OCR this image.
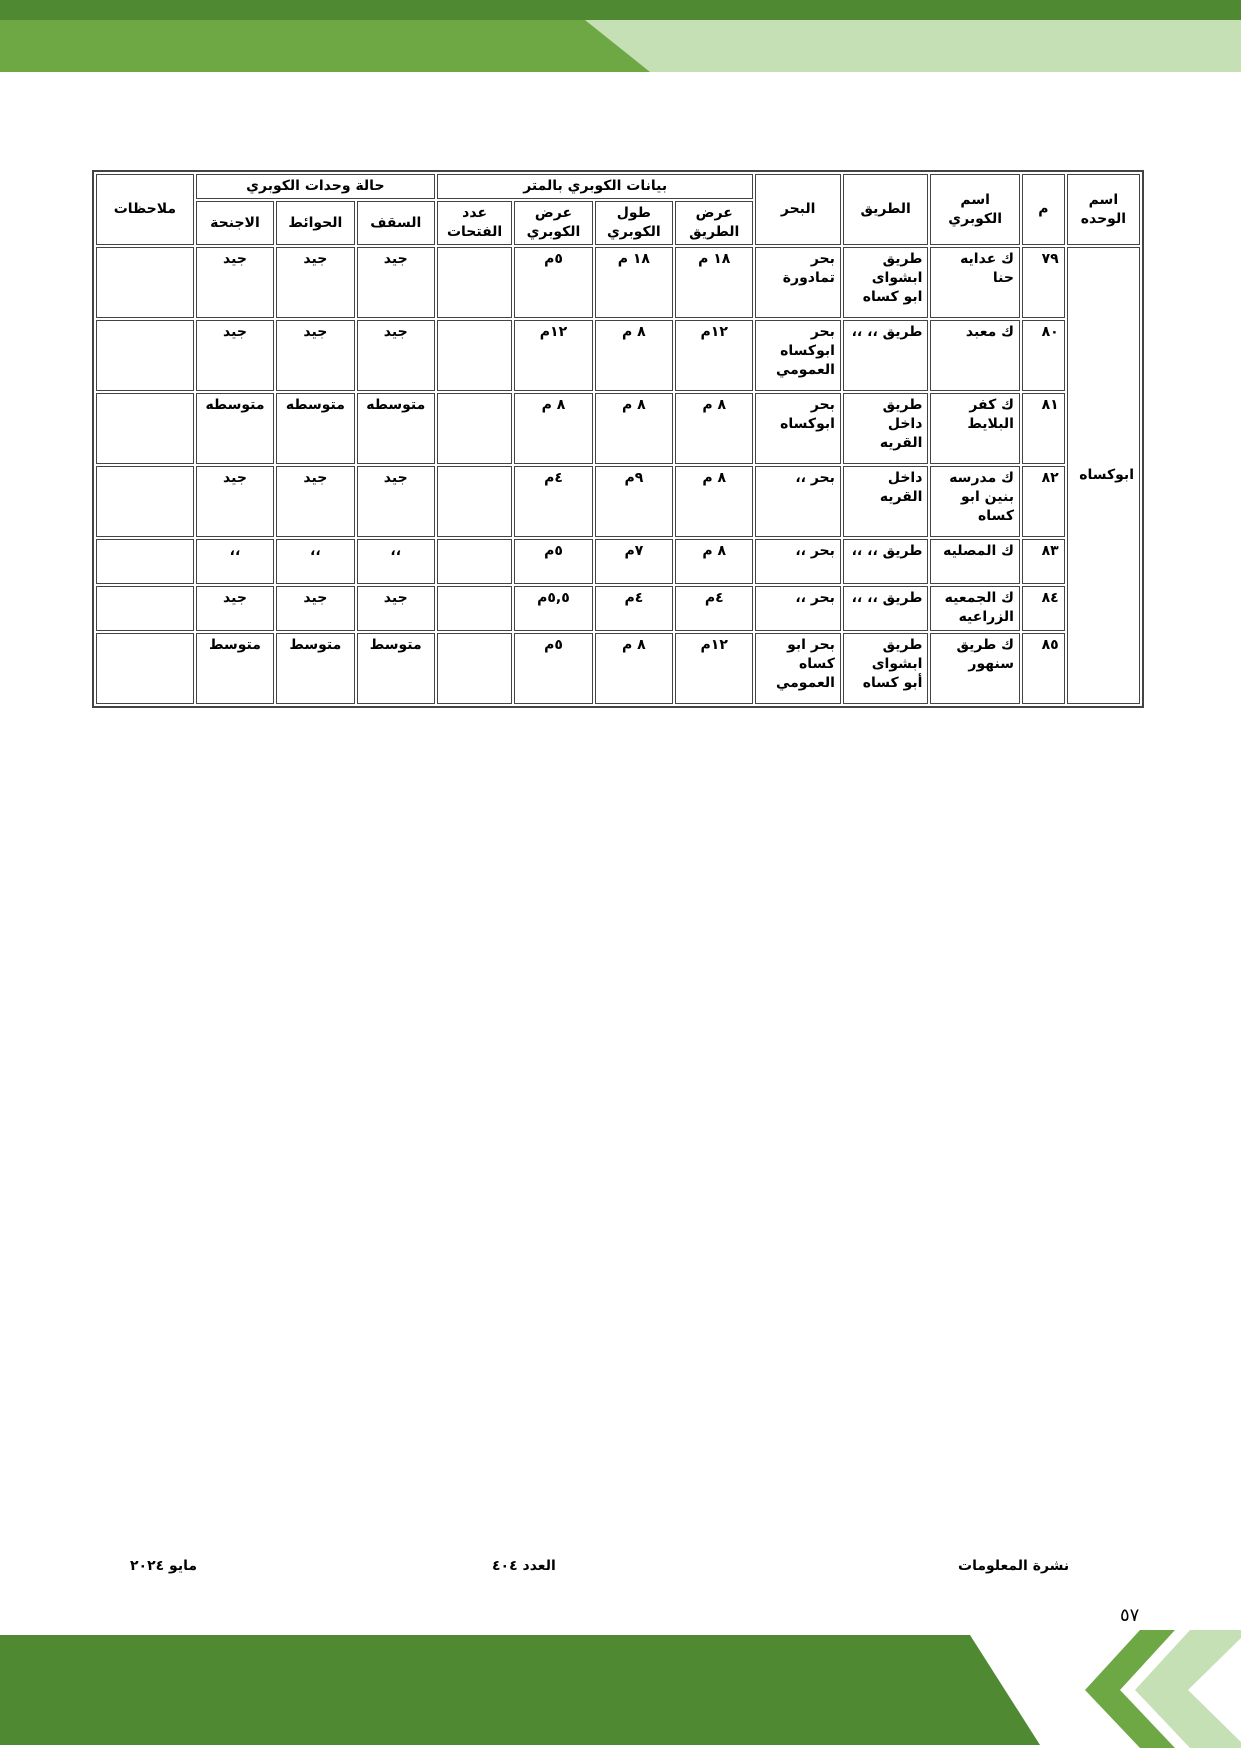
اسم الوحده	م	اسم الكوبري	الطريق	البحر	بيانات الكوبري بالمتر				حالة وحدات الكوبري			ملاحظات
					عرض الطريق	طول الكوبري	عرض الكوبري	عدد الفتحات	السقف	الحوائط	الاجنحة	
ابوكساه	٧٩	ك عدايه حنا	طريق ابشواى ابو كساه	بحر تمادورة	١٨ م	١٨ م	٥م		جيد	جيد	جيد	
	٨٠	ك معبد	طريق ،، ،،	بحر ابوكساه العمومي	١٢م	٨ م	١٢م		جيد	جيد	جيد	
	٨١	ك كفر البلايط	طريق داخل القريه	بحر ابوكساه	٨ م	٨ م	٨ م		متوسطه	متوسطه	متوسطه	
	٨٢	ك مدرسه بنين ابو كساه	داخل القريه	بحر ،،	٨ م	٩م	٤م		جيد	جيد	جيد	
	٨٣	ك المصليه	طريق ،، ،،	بحر ،،	٨ م	٧م	٥م		،،	،،	،،	
	٨٤	ك الجمعيه الزراعيه	طريق ،، ،،	بحر ،،	٤م	٤م	٥,٥م		جيد	جيد	جيد	
	٨٥	ك طريق سنهور	طريق ابشواى أبو كساه	بحر ابو كساه العمومي	١٢م	٨ م	٥م		متوسط	متوسط	متوسط	
نشرة المعلومات
العدد ٤٠٤
مايو ٢٠٢٤
٥٧
